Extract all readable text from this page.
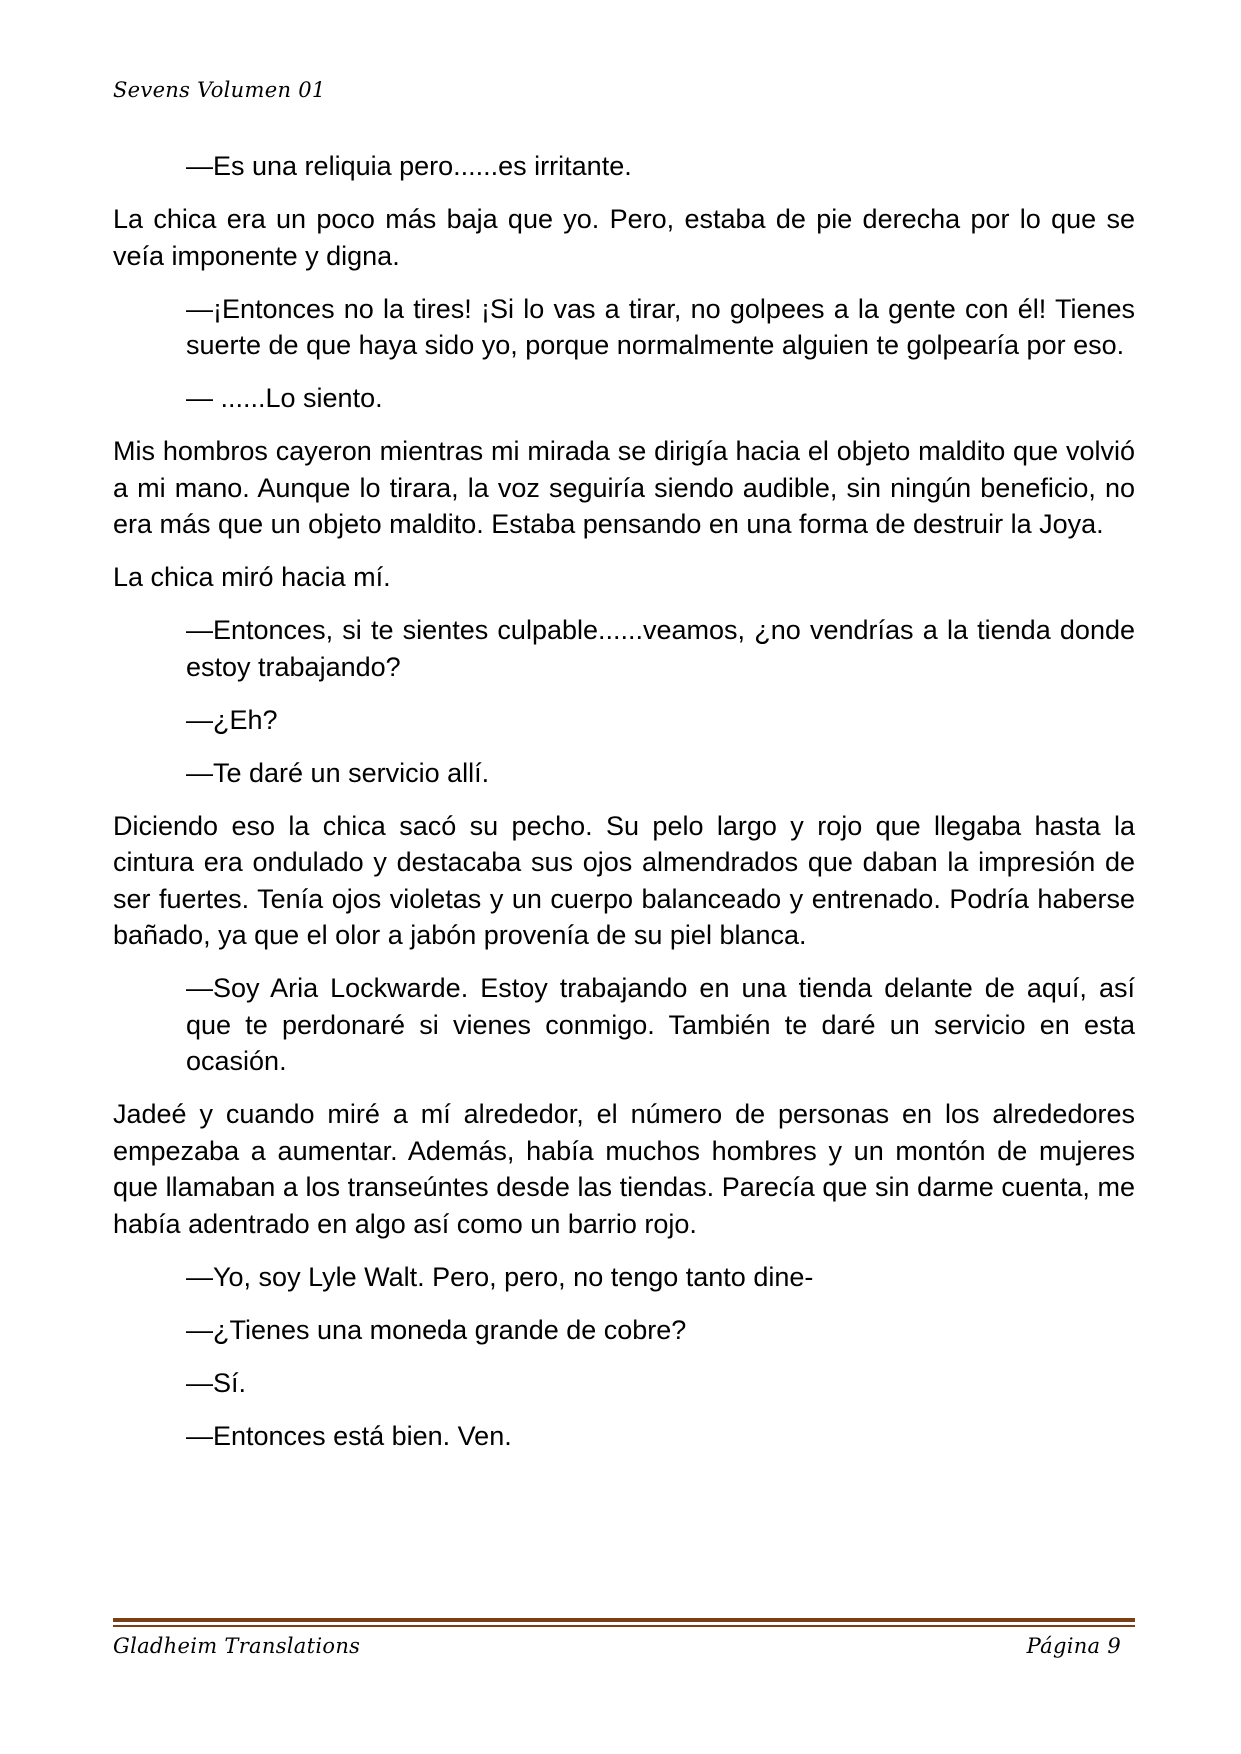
Sevens Volumen 01

—Es una reliquia pero......es irritante.

La chica era un poco más baja que yo. Pero, estaba de pie derecha por lo que se veía imponente y digna.

—¡Entonces no la tires! ¡Si lo vas a tirar, no golpees a la gente con él! Tienes suerte de que haya sido yo, porque normalmente alguien te golpearía por eso.

— ......Lo siento.

Mis hombros cayeron mientras mi mirada se dirigía hacia el objeto maldito que volvió a mi mano. Aunque lo tirara, la voz seguiría siendo audible, sin ningún beneficio, no era más que un objeto maldito. Estaba pensando en una forma de destruir la Joya.

La chica miró hacia mí.

—Entonces, si te sientes culpable......veamos, ¿no vendrías a la tienda donde estoy trabajando?

—¿Eh?

—Te daré un servicio allí.

Diciendo eso la chica sacó su pecho. Su pelo largo y rojo que llegaba hasta la cintura era ondulado y destacaba sus ojos almendrados que daban la impresión de ser fuertes. Tenía ojos violetas y un cuerpo balanceado y entrenado. Podría haberse bañado, ya que el olor a jabón provenía de su piel blanca.

—Soy Aria Lockwarde. Estoy trabajando en una tienda delante de aquí, así que te perdonaré si vienes conmigo. También te daré un servicio en esta ocasión.

Jadeé y cuando miré a mí alrededor, el número de personas en los alrededores empezaba a aumentar. Además, había muchos hombres y un montón de mujeres que llamaban a los transeúntes desde las tiendas. Parecía que sin darme cuenta, me había adentrado en algo así como un barrio rojo.

—Yo, soy Lyle Walt. Pero, pero, no tengo tanto dine-

—¿Tienes una moneda grande de cobre?

—Sí.

—Entonces está bien. Ven.

Gladheim Translations	Página 9
